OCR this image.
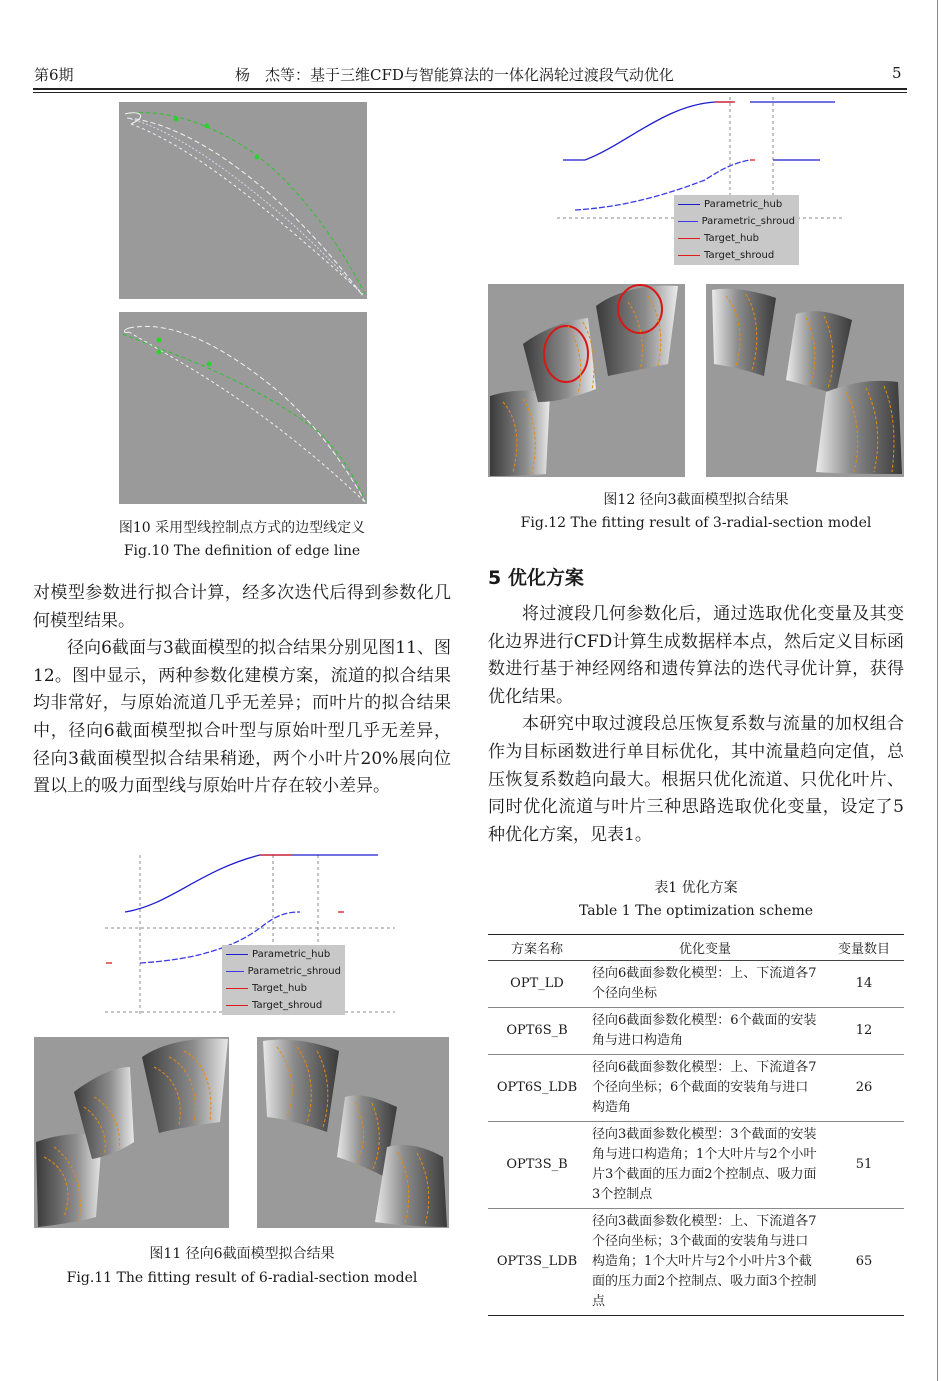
第6期	杨　杰等：基于三维CFD与智能算法的一体化涡轮过渡段气动优化	5
图10 采用型线控制点方式的边型线定义
Fig.10 The definition of edge line

对模型参数进行拟合计算，经多次迭代后得到参数化几何模型结果。

径向6截面与3截面模型的拟合结果分别见图11、图12。图中显示，两种参数化建模方案，流道的拟合结果均非常好，与原始流道几乎无差异；而叶片的拟合结果中，径向6截面模型拟合叶型与原始叶型几乎无差异，径向3截面模型拟合结果稍逊，两个小叶片20%展向位置以上的吸力面型线与原始叶片存在较小差异。

Parametric_hub
Parametric_shroud
Target_hub
Target_shroud
图11 径向6截面模型拟合结果
Fig.11 The fitting result of 6-radial-section model
Parametric_hub
Parametric_shroud
Target_hub
Target_shroud
图12 径向3截面模型拟合结果
Fig.12 The fitting result of 3-radial-section model
5 优化方案

将过渡段几何参数化后，通过选取优化变量及其变化边界进行CFD计算生成数据样本点，然后定义目标函数进行基于神经网络和遗传算法的迭代寻优计算，获得优化结果。

本研究中取过渡段总压恢复系数与流量的加权组合作为目标函数进行单目标优化，其中流量趋向定值，总压恢复系数趋向最大。根据只优化流道、只优化叶片、同时优化流道与叶片三种思路选取优化变量，设定了5种优化方案，见表1。

表1 优化方案
Table 1 The optimization scheme
方案名称	优化变量	变量数目
OPT_LD	径向6截面参数化模型：上、下流道各7个径向坐标	14
OPT6S_B	径向6截面参数化模型：6个截面的安装角与进口构造角	12
OPT6S_LDB	径向6截面参数化模型：上、下流道各7个径向坐标；6个截面的安装角与进口构造角	26
OPT3S_B	径向3截面参数化模型：3个截面的安装角与进口构造角；1个大叶片与2个小叶片3个截面的压力面2个控制点、吸力面3个控制点	51
OPT3S_LDB	径向3截面参数化模型：上、下流道各7个径向坐标；3个截面的安装角与进口构造角；1个大叶片与2个小叶片3个截面的压力面2个控制点、吸力面3个控制点	65
